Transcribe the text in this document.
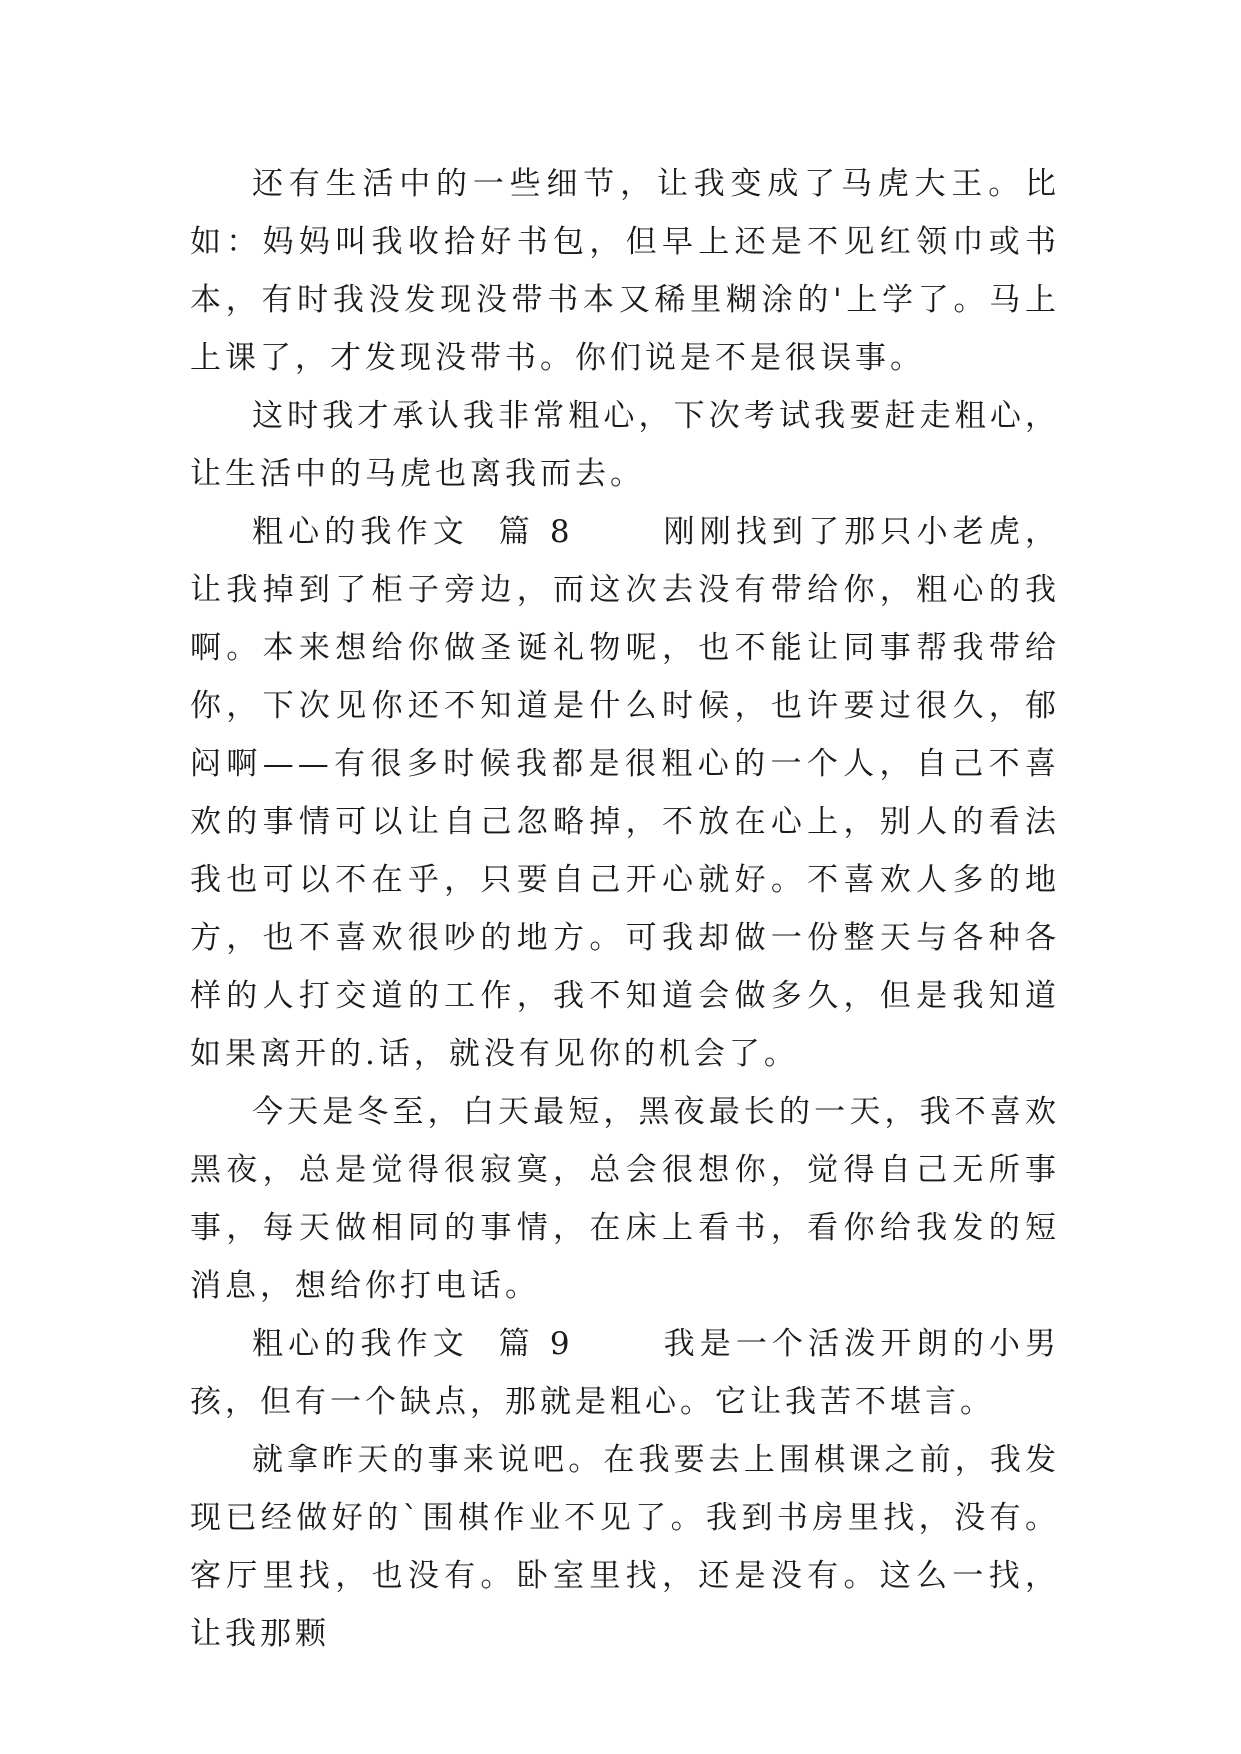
还有生活中的一些细节，让我变成了马虎大王。比如：妈妈叫我收拾好书包，但早上还是不见红领巾或书本，有时我没发现没带书本又稀里糊涂的'上学了。马上上课了，才发现没带书。你们说是不是很误事。

这时我才承认我非常粗心，下次考试我要赶走粗心，让生活中的马虎也离我而去。

粗心的我作文  篇 8      刚刚找到了那只小老虎，让我掉到了柜子旁边，而这次去没有带给你，粗心的我啊。本来想给你做圣诞礼物呢，也不能让同事帮我带给你，下次见你还不知道是什么时候，也许要过很久，郁闷啊——有很多时候我都是很粗心的一个人，自己不喜欢的事情可以让自己忽略掉，不放在心上，别人的看法我也可以不在乎，只要自己开心就好。不喜欢人多的地方，也不喜欢很吵的地方。可我却做一份整天与各种各样的人打交道的工作，我不知道会做多久，但是我知道如果离开的.话，就没有见你的机会了。

今天是冬至，白天最短，黑夜最长的一天，我不喜欢黑夜，总是觉得很寂寞，总会很想你，觉得自己无所事事，每天做相同的事情，在床上看书，看你给我发的短消息，想给你打电话。

粗心的我作文  篇 9      我是一个活泼开朗的小男孩，但有一个缺点，那就是粗心。它让我苦不堪言。

就拿昨天的事来说吧。在我要去上围棋课之前，我发现已经做好的`围棋作业不见了。我到书房里找，没有。客厅里找，也没有。卧室里找，还是没有。这么一找，让我那颗
